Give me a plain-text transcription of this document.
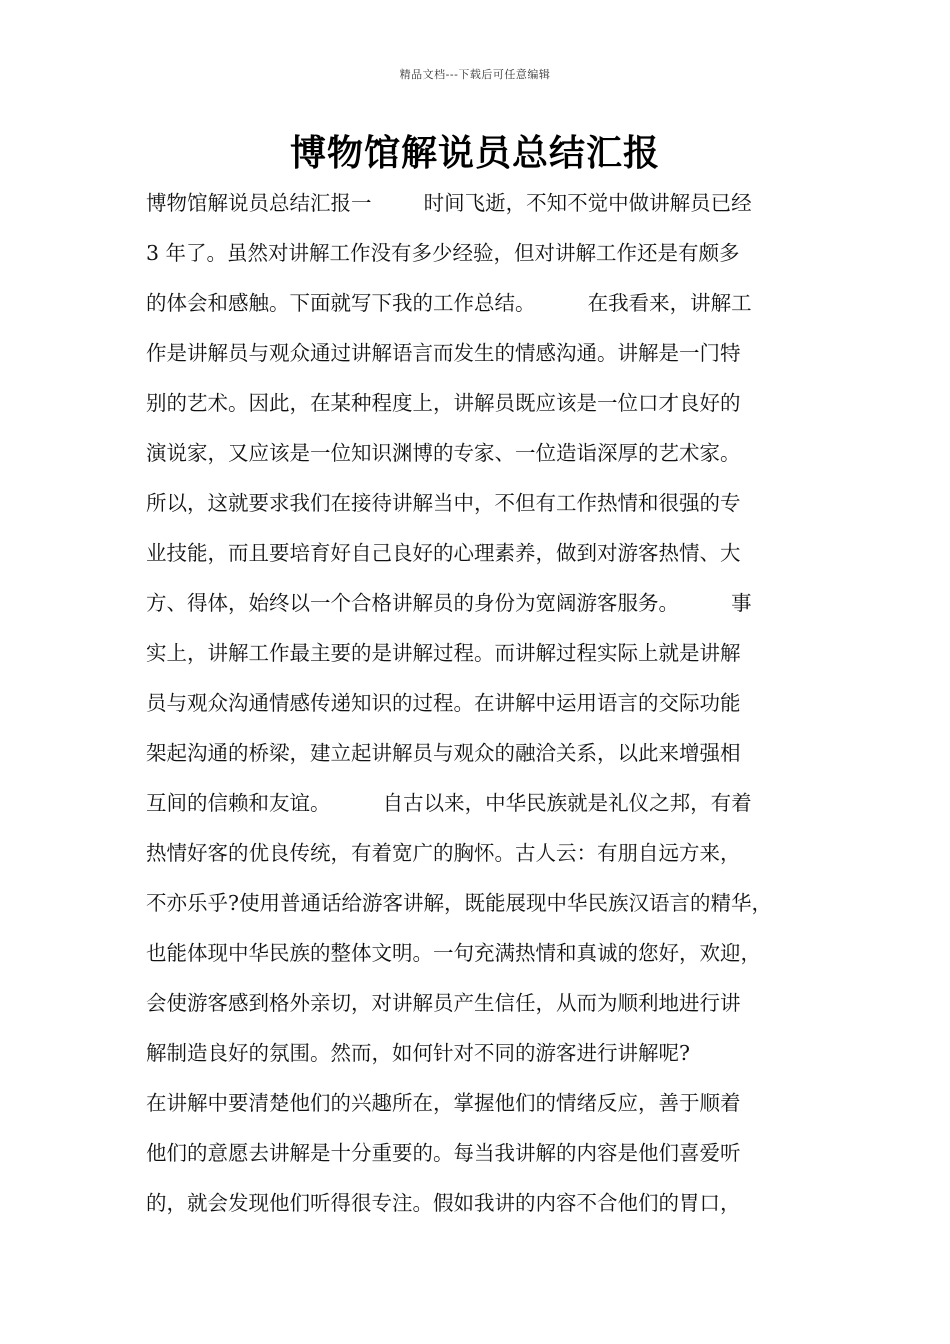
精品文档---下载后可任意编辑
博物馆解说员总结汇报
博物馆解说员总结汇报一        时间飞逝，不知不觉中做讲解员已经
3 年了。虽然对讲解工作没有多少经验，但对讲解工作还是有颇多
的体会和感触。下面就写下我的工作总结。        在我看来，讲解工
作是讲解员与观众通过讲解语言而发生的情感沟通。讲解是一门特
别的艺术。因此，在某种程度上，讲解员既应该是一位口才良好的
演说家，又应该是一位知识渊博的专家、一位造诣深厚的艺术家。
所以，这就要求我们在接待讲解当中，不但有工作热情和很强的专
业技能，而且要培育好自己良好的心理素养，做到对游客热情、大
方、得体，始终以一个合格讲解员的身份为宽阔游客服务。        事
实上，讲解工作最主要的是讲解过程。而讲解过程实际上就是讲解
员与观众沟通情感传递知识的过程。在讲解中运用语言的交际功能
架起沟通的桥梁，建立起讲解员与观众的融洽关系，以此来增强相
互间的信赖和友谊。        自古以来，中华民族就是礼仪之邦，有着
热情好客的优良传统，有着宽广的胸怀。古人云：有朋自远方来，
不亦乐乎?使用普通话给游客讲解，既能展现中华民族汉语言的精华，
也能体现中华民族的整体文明。一句充满热情和真诚的您好，欢迎，
会使游客感到格外亲切，对讲解员产生信任，从而为顺利地进行讲
解制造良好的氛围。然而，如何针对不同的游客进行讲解呢?
在讲解中要清楚他们的兴趣所在，掌握他们的情绪反应，善于顺着
他们的意愿去讲解是十分重要的。每当我讲解的内容是他们喜爱听
的，就会发现他们听得很专注。假如我讲的内容不合他们的胃口，
